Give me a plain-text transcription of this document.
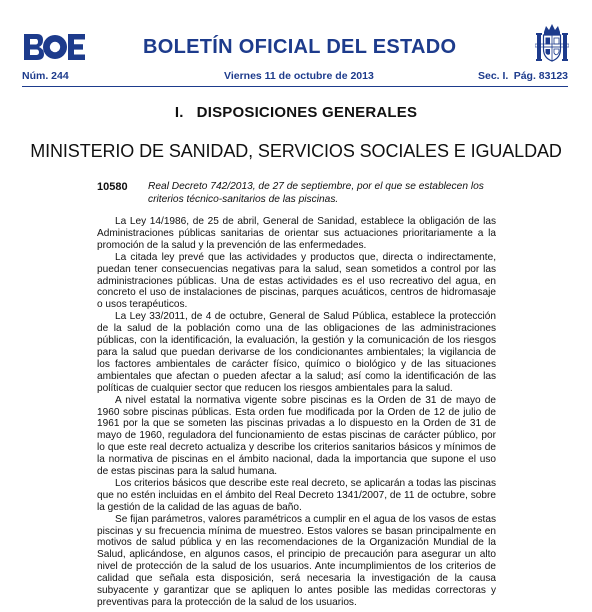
BOLETÍN OFICIAL DEL ESTADO
Núm. 244	Viernes 11 de octubre de 2013	Sec. I. Pág. 83123
I.   DISPOSICIONES GENERALES
MINISTERIO DE SANIDAD, SERVICIOS SOCIALES E IGUALDAD
10580 Real Decreto 742/2013, de 27 de septiembre, por el que se establecen los criterios técnico-sanitarios de las piscinas.

La Ley 14/1986, de 25 de abril, General de Sanidad, establece la obligación de las Administraciones públicas sanitarias de orientar sus actuaciones prioritariamente a la promoción de la salud y la prevención de las enfermedades.

La citada ley prevé que las actividades y productos que, directa o indirectamente, puedan tener consecuencias negativas para la salud, sean sometidos a control por las administraciones públicas. Una de estas actividades es el uso recreativo del agua, en concreto el uso de instalaciones de piscinas, parques acuáticos, centros de hidromasaje o usos terapéuticos.

La Ley 33/2011, de 4 de octubre, General de Salud Pública, establece la protección de la salud de la población como una de las obligaciones de las administraciones públicas, con la identificación, la evaluación, la gestión y la comunicación de los riesgos para la salud que puedan derivarse de los condicionantes ambientales; la vigilancia de los factores ambientales de carácter físico, químico o biológico y de las situaciones ambientales que afectan o pueden afectar a la salud; así como la identificación de las políticas de cualquier sector que reducen los riesgos ambientales para la salud.

A nivel estatal la normativa vigente sobre piscinas es la Orden de 31 de mayo de 1960 sobre piscinas públicas. Esta orden fue modificada por la Orden de 12 de julio de 1961 por la que se someten las piscinas privadas a lo dispuesto en la Orden de 31 de mayo de 1960, reguladora del funcionamiento de estas piscinas de carácter público, por lo que este real decreto actualiza y describe los criterios sanitarios básicos y mínimos de la normativa de piscinas en el ámbito nacional, dada la importancia que supone el uso de estas piscinas para la salud humana.

Los criterios básicos que describe este real decreto, se aplicarán a todas las piscinas que no estén incluidas en el ámbito del Real Decreto 1341/2007, de 11 de octubre, sobre la gestión de la calidad de las aguas de baño.

Se fijan parámetros, valores paramétricos a cumplir en el agua de los vasos de estas piscinas y su frecuencia mínima de muestreo. Estos valores se basan principalmente en motivos de salud pública y en las recomendaciones de la Organización Mundial de la Salud, aplicándose, en algunos casos, el principio de precaución para asegurar un alto nivel de protección de la salud de los usuarios. Ante incumplimientos de los criterios de calidad que señala esta disposición, será necesaria la investigación de la causa subyacente y garantizar que se apliquen lo antes posible las medidas correctoras y preventivas para la protección de la salud de los usuarios.
